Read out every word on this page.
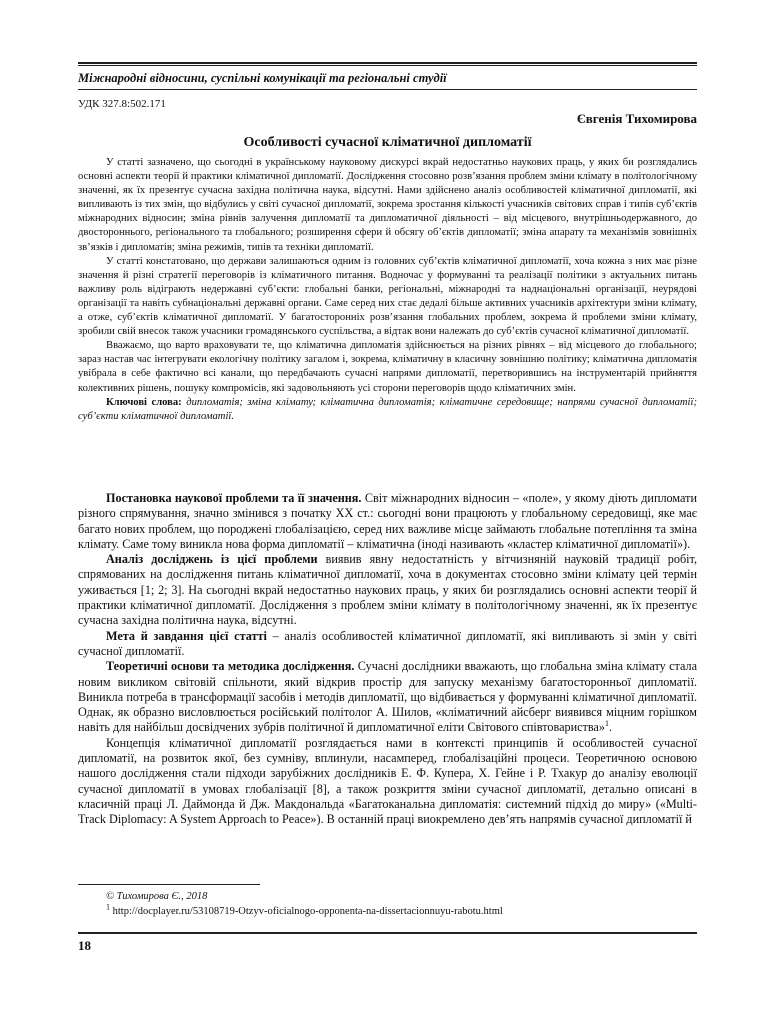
Міжнародні відносини, суспільні комунікації та регіональні студії
УДК 327.8:502.171
Євгенія Тихомирова
Особливості сучасної кліматичної дипломатії

У статті зазначено, що сьогодні в українському науковому дискурсі вкрай недостатньо наукових праць, у яких би розглядались основні аспекти теорії й практики кліматичної дипломатії. Дослідження стосовно розв’язання проблем зміни клімату в політологічному значенні, як їх презентує сучасна західна політична наука, відсутні. Нами здійснено аналіз особливостей кліматичної дипломатії, які випливають із тих змін, що відбулись у світі сучасної дипломатії, зокрема зростання кількості учасників світових справ і типів суб’єктів міжнародних відносин; зміна рівнів залучення дипломатії та дипломатичної діяльності – від місцевого, внутрішньодержавного, до двостороннього, регіонального та глобального; розширення сфери й обсягу об’єктів дипломатії; зміна апарату та механізмів зовнішніх зв’язків і дипломатів; зміна режимів, типів та техніки дипломатії.

У статті констатовано, що держави залишаються одним із головних суб’єктів кліматичної дипломатії, хоча кожна з них має різне значення й різні стратегії переговорів із кліматичного питання. Водночас у формуванні та реалізації політики з актуальних питань важливу роль відіграють недержавні суб’єкти: глобальні банки, регіональні, міжнародні та наднаціональні організації, неурядові організації та навіть субнаціональні державні органи. Саме серед них стає дедалі більше активних учасників архітектури зміни клімату, а отже, суб’єктів кліматичної дипломатії. У багатосторонніх розв’язання глобальних проблем, зокрема й проблеми зміни клімату, зробили свій внесок також учасники громадянського суспільства, а відтак вони належать до суб’єктів сучасної кліматичної дипломатії.

Вважаємо, що варто враховувати те, що кліматична дипломатія здійснюється на різних рівнях – від місцевого до глобального; зараз настав час інтегрувати екологічну політику загалом і, зокрема, кліматичну в класичну зовнішню політику; кліматична дипломатія увібрала в себе фактично всі канали, що передбачають сучасні напрями дипломатії, перетворившись на інструментарій прийняття колективних рішень, пошуку компромісів, які задовольняють усі сторони переговорів щодо кліматичних змін.

Ключові слова: дипломатія; зміна клімату; кліматична дипломатія; кліматичне середовище; напрями сучасної дипломатії; суб’єкти кліматичної дипломатії.

Постановка наукової проблеми та її значення. Світ міжнародних відносин – «поле», у якому діють дипломати різного спрямування, значно змінився з початку ХХ ст.: сьогодні вони працюють у глобальному середовищі, яке має багато нових проблем, що породжені глобалізацією, серед них важливе місце займають глобальне потепління та зміна клімату. Саме тому виникла нова форма дипломатії – кліматична (іноді називають «кластер кліматичної дипломатії»).

Аналіз досліджень із цієї проблеми виявив явну недостатність у вітчизняній науковій традиції робіт, спрямованих на дослідження питань кліматичної дипломатії, хоча в документах стосовно зміни клімату цей термін уживається [1; 2; 3]. На сьогодні вкрай недостатньо наукових праць, у яких би розглядались основні аспекти теорії й практики кліматичної дипломатії. Дослідження з проблем зміни клімату в політологічному значенні, як їх презентує сучасна західна політична наука, відсутні.

Мета й завдання цієї статті – аналіз особливостей кліматичної дипломатії, які випливають зі змін у світі сучасної дипломатії.

Теоретичні основи та методика дослідження. Сучасні дослідники вважають, що глобальна зміна клімату стала новим викликом світовій спільноти, який відкрив простір для запуску механізму багатосторонньої дипломатії. Виникла потреба в трансформації засобів і методів дипломатії, що відбивається у формуванні кліматичної дипломатії. Однак, як образно висловлюється російський політолог А. Шилов, «кліматичний айсберг виявився міцним горішком навіть для найбільш досвідчених зубрів політичної й дипломатичної еліти Світового співтовариства»$^1$.

Концепція кліматичної дипломатії розглядається нами в контексті принципів й особливостей сучасної дипломатії, на розвиток якої, без сумніву, вплинули, насамперед, глобалізаційні процеси. Теоретичною основою нашого дослідження стали підходи зарубіжних дослідників Е. Ф. Купера, Х. Гейне і Р. Тхакур до аналізу еволюції сучасної дипломатії в умовах глобалізації [8], а також розкриття зміни сучасної дипломатії, детально описані в класичній праці Л. Даймонда й Дж. Макдональда «Багатоканальна дипломатія: системний підхід до миру» («Multi-Track Diplomacy: A System Approach to Peace»). В останній праці виокремлено дев’ять напрямів сучасної дипломатії й

© Тихомирова Є., 2018
$^1$ http://docplayer.ru/53108719-Otzyv-oficialnogo-opponenta-na-dissertacionnuyu-rabotu.html
18
